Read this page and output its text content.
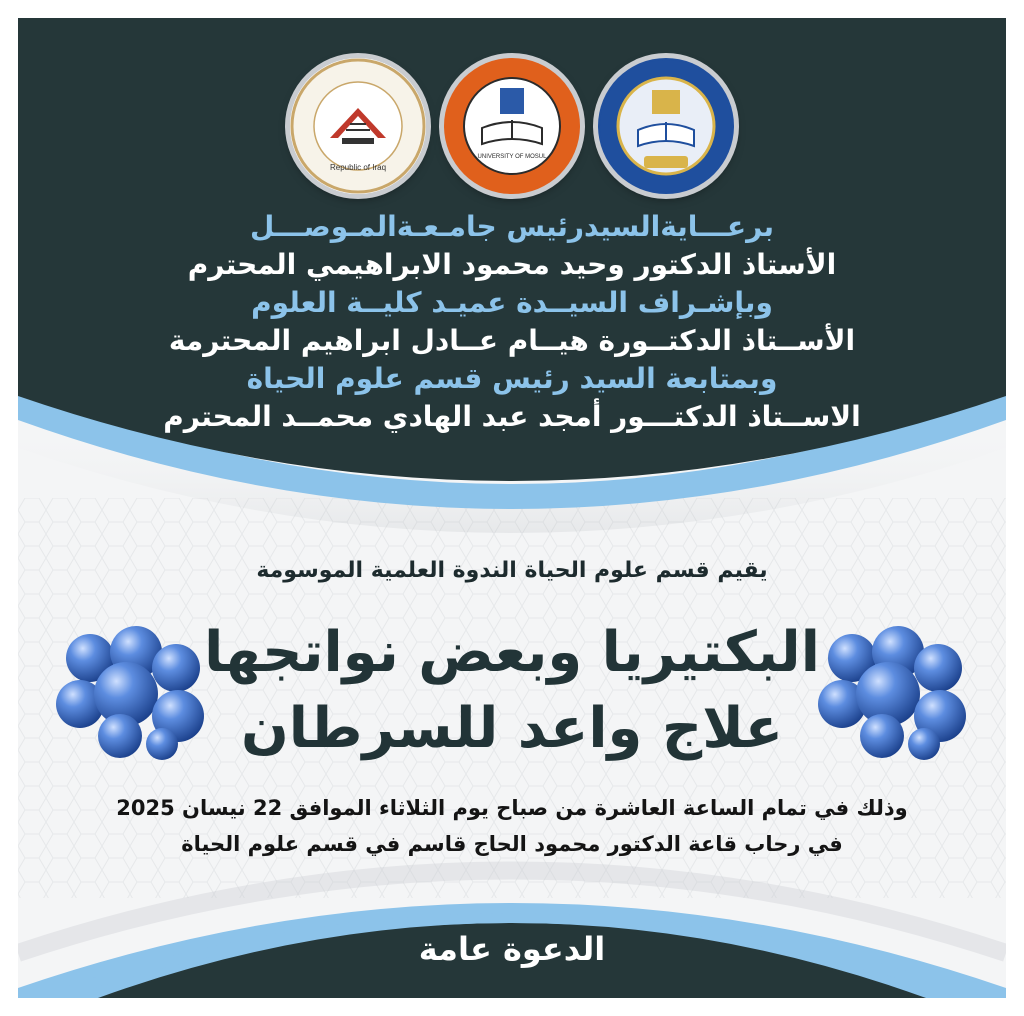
Republic of Iraq
UNIVERSITY OF MOSUL
برعـــايةالسيدرئيس جامـعـةالمـوصـــل
الأستاذ الدكتور وحيد محمود الابراهيمي المحترم
وبإشـراف السيــدة عميـد كليــة العلوم
الأســتاذ الدكتــورة هيــام عــادل ابراهيم المحترمة
وبمتابعة السيد رئيس قسم علوم الحياة
الاســتاذ الدكتـــور أمجد عبد الهادي محمــد المحترم
يقيم قسم علوم الحياة الندوة العلمية الموسومة
البكتيريا وبعض نواتجها
علاج واعد للسرطان
وذلك في تمام الساعة العاشرة من صباح يوم الثلاثاء الموافق 22 نيسان 2025
في رحاب قاعة الدكتور محمود الحاج قاسم في قسم علوم الحياة
الدعوة عامة
